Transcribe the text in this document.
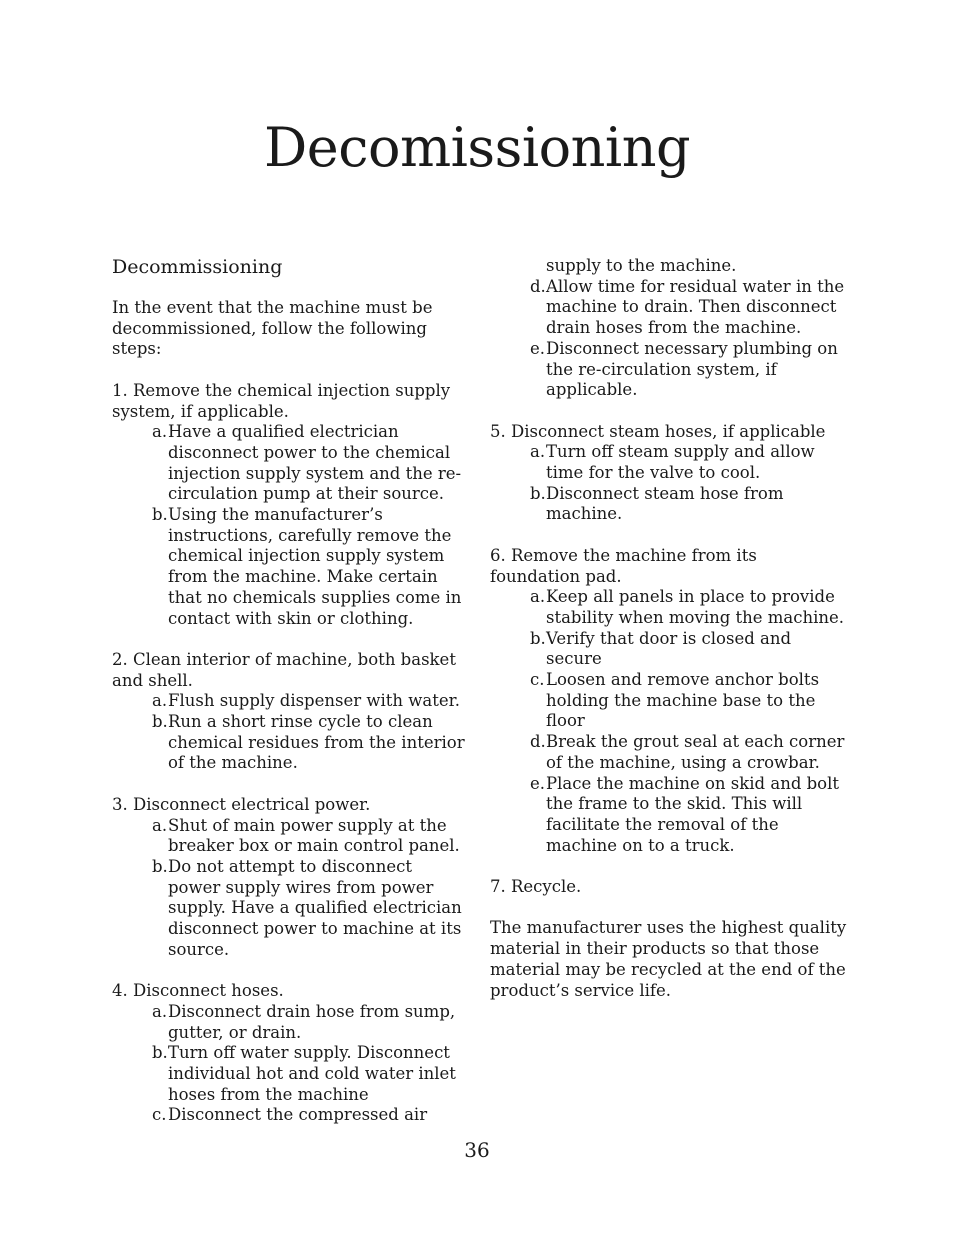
Decomissioning
Decommissioning

In the event that the machine must be decommissioned, follow the following steps:

1. Remove the chemical injection supply system, if applicable.

a. Have a qualified electrician disconnect power to the chemical injection supply system and the re-circulation pump at their source.
b. Using the manufacturer’s instructions, carefully remove the chemical injection supply system from the machine. Make certain that no chemicals supplies come in contact with skin or clothing.

2. Clean interior of machine, both basket and shell.

a. Flush supply dispenser with water.
b. Run a short rinse cycle to clean chemical residues from the interior of the machine.

3. Disconnect electrical power.

a. Shut of main power supply at the breaker box or main control panel.
b. Do not attempt to disconnect power supply wires from power supply. Have a qualified electrician disconnect power to machine at its source.

4. Disconnect hoses.

a. Disconnect drain hose from sump, gutter, or drain.
b. Turn off water supply. Disconnect individual hot and cold water inlet hoses from the machine
c. Disconnect the compressed air

supply to the machine.

d. Allow time for residual water in the machine to drain. Then disconnect drain hoses from the machine.
e. Disconnect necessary plumbing on the re-circulation system, if applicable.

5. Disconnect steam hoses, if applicable

a. Turn off steam supply and allow time for the valve to cool.
b. Disconnect steam hose from machine.

6. Remove the machine from its foundation pad.

a. Keep all panels in place to provide stability when moving the machine.
b. Verify that door is closed and secure
c. Loosen and remove anchor bolts holding the machine base to the floor
d. Break the grout seal at each corner of the machine, using a crowbar.
e. Place the machine on skid and bolt the frame to the skid. This will facilitate the removal of the machine on to a truck.

7. Recycle.

The manufacturer uses the highest quality material in their products so that those material may be recycled at the end of the product’s service life.

36
